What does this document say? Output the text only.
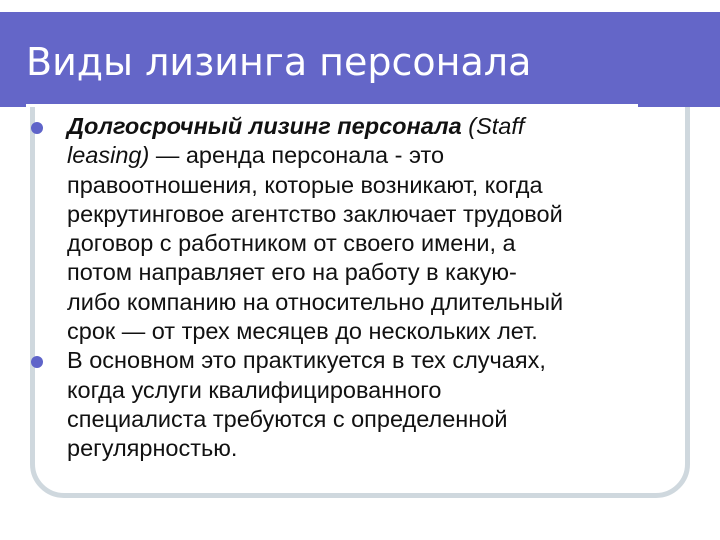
Виды лизинга персонала
Долгосрочный лизинг персонала (Staff
leasing) — аренда персонала - это
правоотношения, которые возникают, когда
рекрутинговое агентство заключает трудовой
договор с работником от своего имени, а
потом направляет его на работу в какую-
либо компанию на относительно длительный
срок — от трех месяцев до нескольких лет.
В основном это практикуется в тех случаях,
когда услуги квалифицированного
специалиста требуются с определенной
регулярностью.
